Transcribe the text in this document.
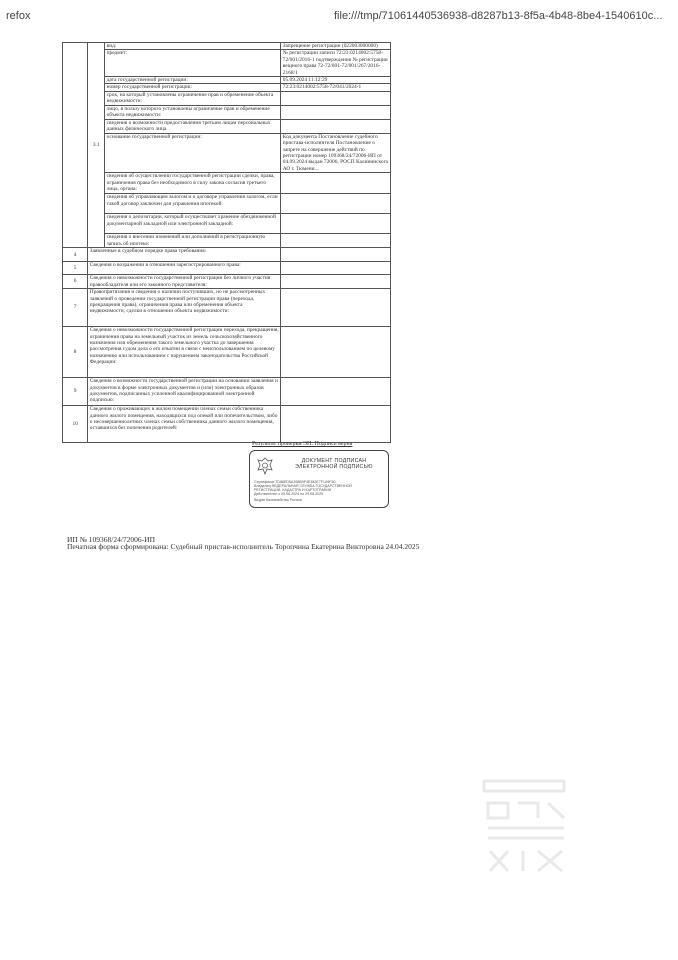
refox	file:///tmp/71061440536938-d8287b13-8f5a-4b48-8be4-1540610c...
	3.1	вид:	Запрещение регистрации (022003000000)
		предмет:	№ регистрации записи 72:23:0214002:5758-72/001/2016-1 подтверждения № регистрации вещного права 72-72/001-72/001/267/2016-2168/1
		дата государственной регистрации:	05.09.2024 11:12:29
		номер государственной регистрации:	72:23:0214002:5758-72/041/2024-1
		срок, на который установлены ограничение прав и обременение объекта недвижимости:	
		лицо, в пользу которого установлены ограничение прав и обременение объекта недвижимости:	
		сведения о возможности предоставления третьим лицам персональных данных физического лица	
		основание государственной регистрации:	Код документа Постановление судебного пристава-исполнителя Постановление о запрете на совершение действий по регистрации номер 109368/24/72006-ИП от 04.09.2024 выдан 72006, РОСП Калининского АО г. Тюмени...
		сведения об осуществлении государственной регистрации сделки, права, ограничения права без необходимого в силу закона согласия третьего лица, органа:	
		сведения об управляющем залогом и о договоре управления залогом, если такой договор заключен для управления ипотекой:	
		сведения о депозитарии, который осуществляет хранение обездвиженной документарной закладной или электронной закладной:	
		сведения о внесении изменений или дополнений в регистрационную запись об ипотеке:	
4	Заявленные в судебном порядке права требования:		
5	Сведения о возражении в отношении зарегистрированного права:		
6	Сведения о невозможности государственной регистрации без личного участия правообладателя или его законного представителя:		
7	Правопритязания и сведения о наличии поступивших, но не рассмотренных заявлений о проведении государственной регистрации права (перехода, прекращения права), ограничения права или обременения объекта недвижимости, сделки в отношении объекта недвижимости:		
8	Сведения о невозможности государственной регистрации перехода, прекращения, ограничения права на земельный участок из земель сельскохозяйственного назначения или обременения такого земельного участка до завершения рассмотрения судом дела о его изъятии в связи с неиспользованием по целевому назначению или использованием с нарушением законодательства Российской Федерации:		
9	Сведения о возможности государственной регистрации на основании заявления и документов в форме электронных документов и (или) электронных образов документов, подписанных усиленной квалифицированной электронной подписью:		
10	Сведения о проживающих в жилом помещении членах семьи собственника данного жилого помещения, находящихся под опекой или попечительством, либо о несовершеннолетних членах семьи собственника данного жилого помещения, оставшихся без попечения родителей:		
Результат проверки ЭП: Подпись верна
ДОКУМЕНТ ПОДПИСАН
ЭЛЕКТРОННОЙ ПОДПИСЬЮ
Сертификат 7D86ED5A398B9F4E382E7F1A9F50
Владелец ФЕДЕРАЛЬНАЯ СЛУЖБА ГОСУДАРСТВЕННОЙ
РЕГИСТРАЦИИ, КАДАСТРА И КАРТОГРАФИИ
Действителен с 05.06.2024 по 29.08.2025
Выдан Казначейство России
ИП № 109368/24/72006-ИП
Печатная форма сформирована: Судебный пристав-исполнитель Торопчина Екатерина Викторовна 24.04.2025
